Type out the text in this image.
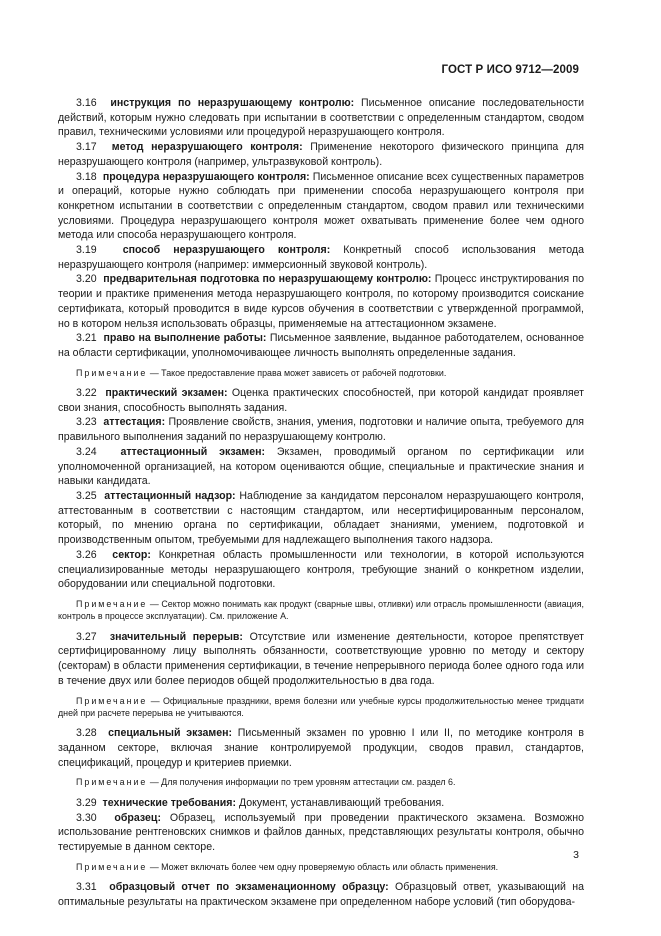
ГОСТ Р ИСО 9712—2009

3.16 инструкция по неразрушающему контролю: Письменное описание последовательности действий, которым нужно следовать при испытании в соответствии с определенным стандартом, сводом правил, техническими условиями или процедурой неразрушающего контроля.

3.17 метод неразрушающего контроля: Применение некоторого физического принципа для неразрушающего контроля (например, ультразвуковой контроль).

3.18 процедура неразрушающего контроля: Письменное описание всех существенных параметров и операций, которые нужно соблюдать при применении способа неразрушающего контроля при конкретном испытании в соответствии с определенным стандартом, сводом правил или техническими условиями. Процедура неразрушающего контроля может охватывать применение более чем одного метода или способа неразрушающего контроля.

3.19 способ неразрушающего контроля: Конкретный способ использования метода неразрушающего контроля (например: иммерсионный звуковой контроль).

3.20 предварительная подготовка по неразрушающему контролю: Процесс инструктирования по теории и практике применения метода неразрушающего контроля, по которому производится соискание сертификата, который проводится в виде курсов обучения в соответствии с утвержденной программой, но в котором нельзя использовать образцы, применяемые на аттестационном экзамене.

3.21 право на выполнение работы: Письменное заявление, выданное работодателем, основанное на области сертификации, уполномочивающее личность выполнять определенные задания.

Примечание — Такое предоставление права может зависеть от рабочей подготовки.

3.22 практический экзамен: Оценка практических способностей, при которой кандидат проявляет свои знания, способность выполнять задания.

3.23 аттестация: Проявление свойств, знания, умения, подготовки и наличие опыта, требуемого для правильного выполнения заданий по неразрушающему контролю.

3.24 аттестационный экзамен: Экзамен, проводимый органом по сертификации или уполномоченной организацией, на котором оцениваются общие, специальные и практические знания и навыки кандидата.

3.25 аттестационный надзор: Наблюдение за кандидатом персоналом неразрушающего контроля, аттестованным в соответствии с настоящим стандартом, или несертифицированным персоналом, который, по мнению органа по сертификации, обладает знаниями, умением, подготовкой и производственным опытом, требуемыми для надлежащего выполнения такого надзора.

3.26 сектор: Конкретная область промышленности или технологии, в которой используются специализированные методы неразрушающего контроля, требующие знаний о конкретном изделии, оборудовании или специальной подготовки.

Примечание — Сектор можно понимать как продукт (сварные швы, отливки) или отрасль промышленности (авиация, контроль в процессе эксплуатации). См. приложение А.

3.27 значительный перерыв: Отсутствие или изменение деятельности, которое препятствует сертифицированному лицу выполнять обязанности, соответствующие уровню по методу и сектору (секторам) в области применения сертификации, в течение непрерывного периода более одного года или в течение двух или более периодов общей продолжительностью в два года.

Примечание — Официальные праздники, время болезни или учебные курсы продолжительностью менее тридцати дней при расчете перерыва не учитываются.

3.28 специальный экзамен: Письменный экзамен по уровню I или II, по методике контроля в заданном секторе, включая знание контролируемой продукции, сводов правил, стандартов, спецификаций, процедур и критериев приемки.

Примечание — Для получения информации по трем уровням аттестации см. раздел 6.

3.29 технические требования: Документ, устанавливающий требования.

3.30 образец: Образец, используемый при проведении практического экзамена. Возможно использование рентгеновских снимков и файлов данных, представляющих результаты контроля, обычно тестируемые в данном секторе.

Примечание — Может включать более чем одну проверяемую область или область применения.

3.31 образцовый отчет по экзаменационному образцу: Образцовый ответ, указывающий на оптимальные результаты на практическом экзамене при определенном наборе условий (тип оборудова-

3
